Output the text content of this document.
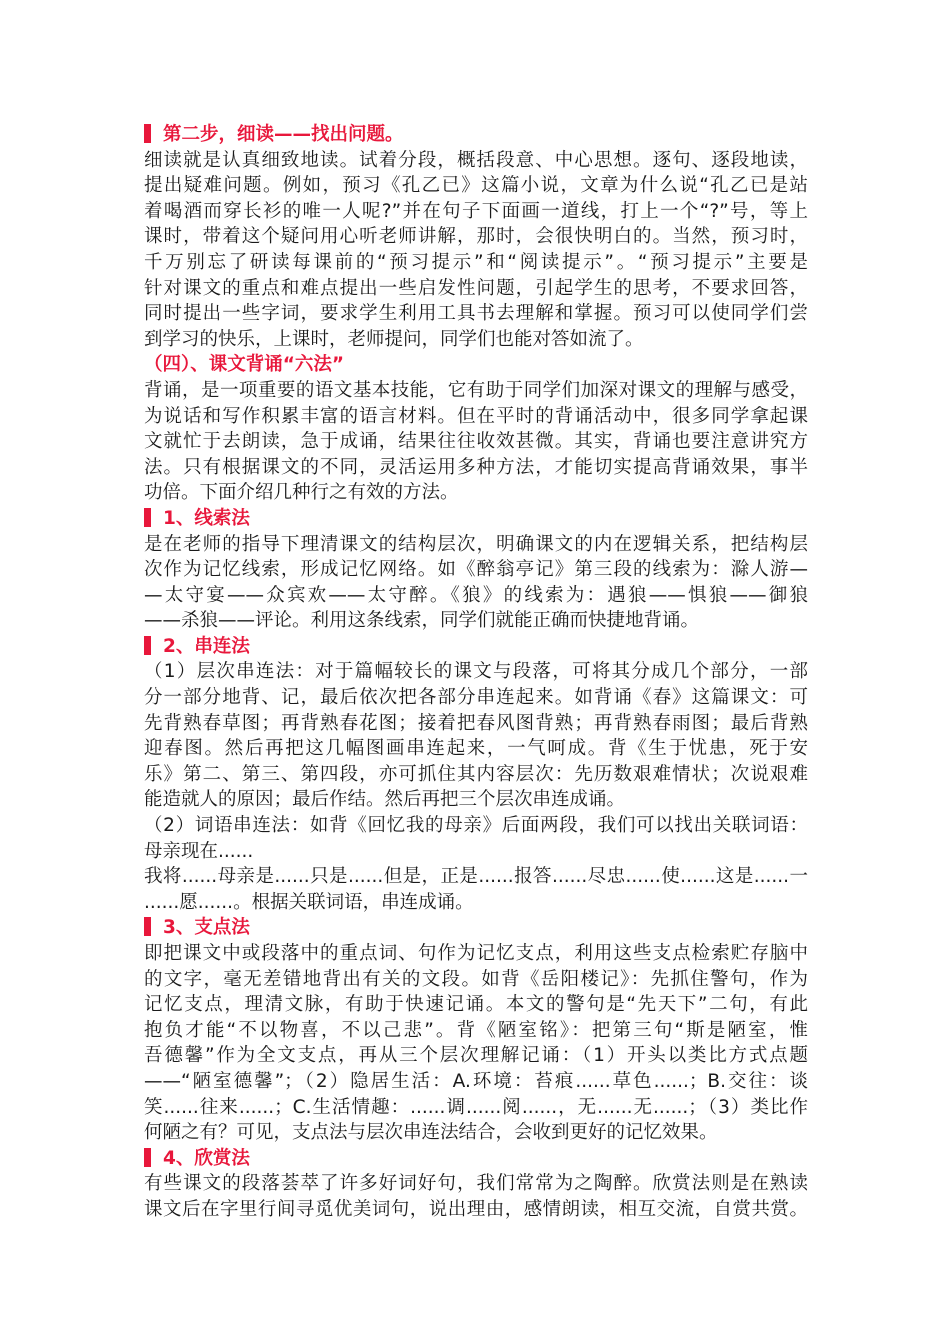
第二步，细读——找出问题。
细读就是认真细致地读。试着分段，概括段意、中心思想。逐句、逐段地读，
提出疑难问题。例如，预习《孔乙已》这篇小说，文章为什么说“孔乙已是站
着喝酒而穿长衫的唯一人呢?”并在句子下面画一道线，打上一个“?”号，等上
课时，带着这个疑问用心听老师讲解，那时，会很快明白的。当然，预习时，
千万别忘了研读每课前的“预习提示”和“阅读提示”。“预习提示”主要是
针对课文的重点和难点提出一些启发性问题，引起学生的思考，不要求回答，
同时提出一些字词，要求学生利用工具书去理解和掌握。预习可以使同学们尝
到学习的快乐，上课时，老师提问，同学们也能对答如流了。
（四）、课文背诵“六法”
背诵，是一项重要的语文基本技能，它有助于同学们加深对课文的理解与感受，
为说话和写作积累丰富的语言材料。但在平时的背诵活动中，很多同学拿起课
文就忙于去朗读，急于成诵，结果往往收效甚微。其实，背诵也要注意讲究方
法。只有根据课文的不同，灵活运用多种方法，才能切实提高背诵效果，事半
功倍。下面介绍几种行之有效的方法。
1、线索法
是在老师的指导下理清课文的结构层次，明确课文的内在逻辑关系，把结构层
次作为记忆线索，形成记忆网络。如《醉翁亭记》第三段的线索为：滁人游—
—太守宴——众宾欢——太守醉。《狼》的线索为：遇狼——惧狼——御狼
——杀狼——评论。利用这条线索，同学们就能正确而快捷地背诵。
2、串连法
（1）层次串连法：对于篇幅较长的课文与段落，可将其分成几个部分，一部
分一部分地背、记，最后依次把各部分串连起来。如背诵《春》这篇课文：可
先背熟春草图；再背熟春花图；接着把春风图背熟；再背熟春雨图；最后背熟
迎春图。然后再把这几幅图画串连起来，一气呵成。背《生于忧患，死于安
乐》第二、第三、第四段，亦可抓住其内容层次：先历数艰难情状；次说艰难
能造就人的原因；最后作结。然后再把三个层次串连成诵。
（2）词语串连法：如背《回忆我的母亲》后面两段，我们可以找出关联词语：
母亲现在......
我将......母亲是......只是......但是，正是......报答......尽忠......使......这是......一
......愿......。根据关联词语，串连成诵。
3、支点法
即把课文中或段落中的重点词、句作为记忆支点，利用这些支点检索贮存脑中
的文字，毫无差错地背出有关的文段。如背《岳阳楼记》：先抓住警句，作为
记忆支点，理清文脉，有助于快速记诵。本文的警句是“先天下”二句，有此
抱负才能“不以物喜，不以己悲”。背《陋室铭》：把第三句“斯是陋室，惟
吾德馨”作为全文支点，再从三个层次理解记诵：（1）开头以类比方式点题
——“陋室德馨”；（2）隐居生活：A.环境：苔痕......草色......；B.交往：谈
笑......往来......；C.生活情趣：......调......阅......，无......无......；（3）类比作
何陋之有？可见，支点法与层次串连法结合，会收到更好的记忆效果。
4、欣赏法
有些课文的段落荟萃了许多好词好句，我们常常为之陶醉。欣赏法则是在熟读
课文后在字里行间寻觅优美词句，说出理由，感情朗读，相互交流，自赏共赏。
